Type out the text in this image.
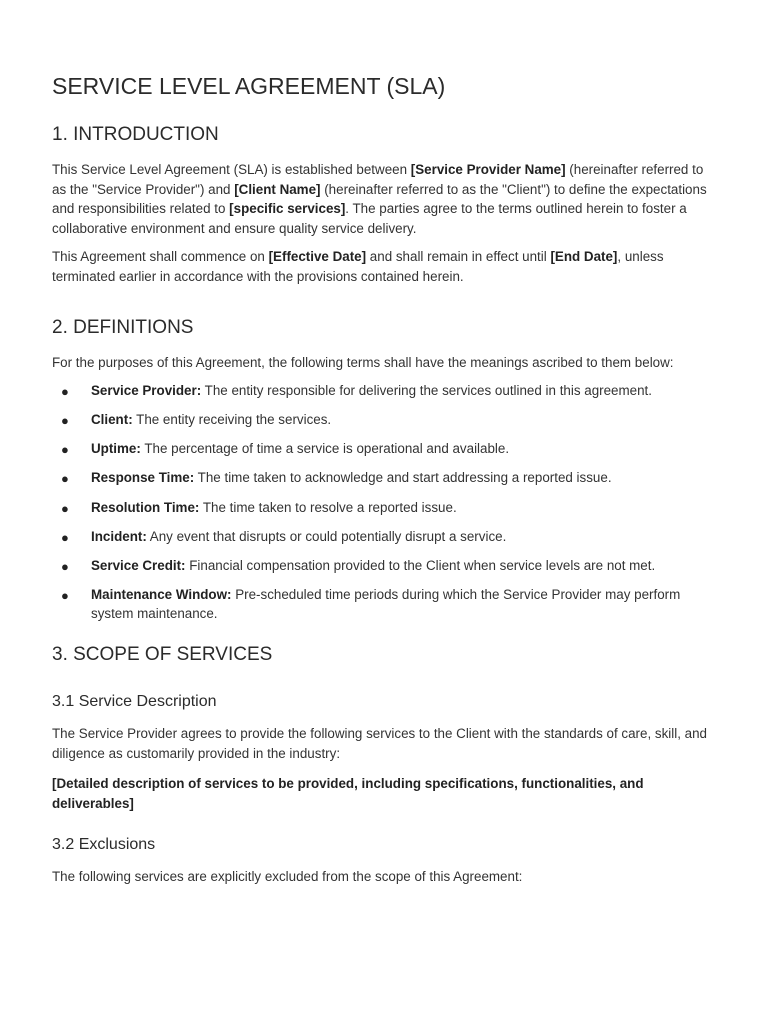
SERVICE LEVEL AGREEMENT (SLA)
1. INTRODUCTION

This Service Level Agreement (SLA) is established between [Service Provider Name] (hereinafter referred to as the "Service Provider") and [Client Name] (hereinafter referred to as the "Client") to define the expectations and responsibilities related to [specific services]. The parties agree to the terms outlined herein to foster a collaborative environment and ensure quality service delivery.

This Agreement shall commence on [Effective Date] and shall remain in effect until [End Date], unless terminated earlier in accordance with the provisions contained herein.

2. DEFINITIONS

For the purposes of this Agreement, the following terms shall have the meanings ascribed to them below:

● Service Provider: The entity responsible for delivering the services outlined in this agreement.
● Client: The entity receiving the services.
● Uptime: The percentage of time a service is operational and available.
● Response Time: The time taken to acknowledge and start addressing a reported issue.
● Resolution Time: The time taken to resolve a reported issue.
● Incident: Any event that disrupts or could potentially disrupt a service.
● Service Credit: Financial compensation provided to the Client when service levels are not met.
● Maintenance Window: Pre-scheduled time periods during which the Service Provider may perform system maintenance.
3. SCOPE OF SERVICES
3.1 Service Description

The Service Provider agrees to provide the following services to the Client with the standards of care, skill, and diligence as customarily provided in the industry:

[Detailed description of services to be provided, including specifications, functionalities, and deliverables]

3.2 Exclusions

The following services are explicitly excluded from the scope of this Agreement:
